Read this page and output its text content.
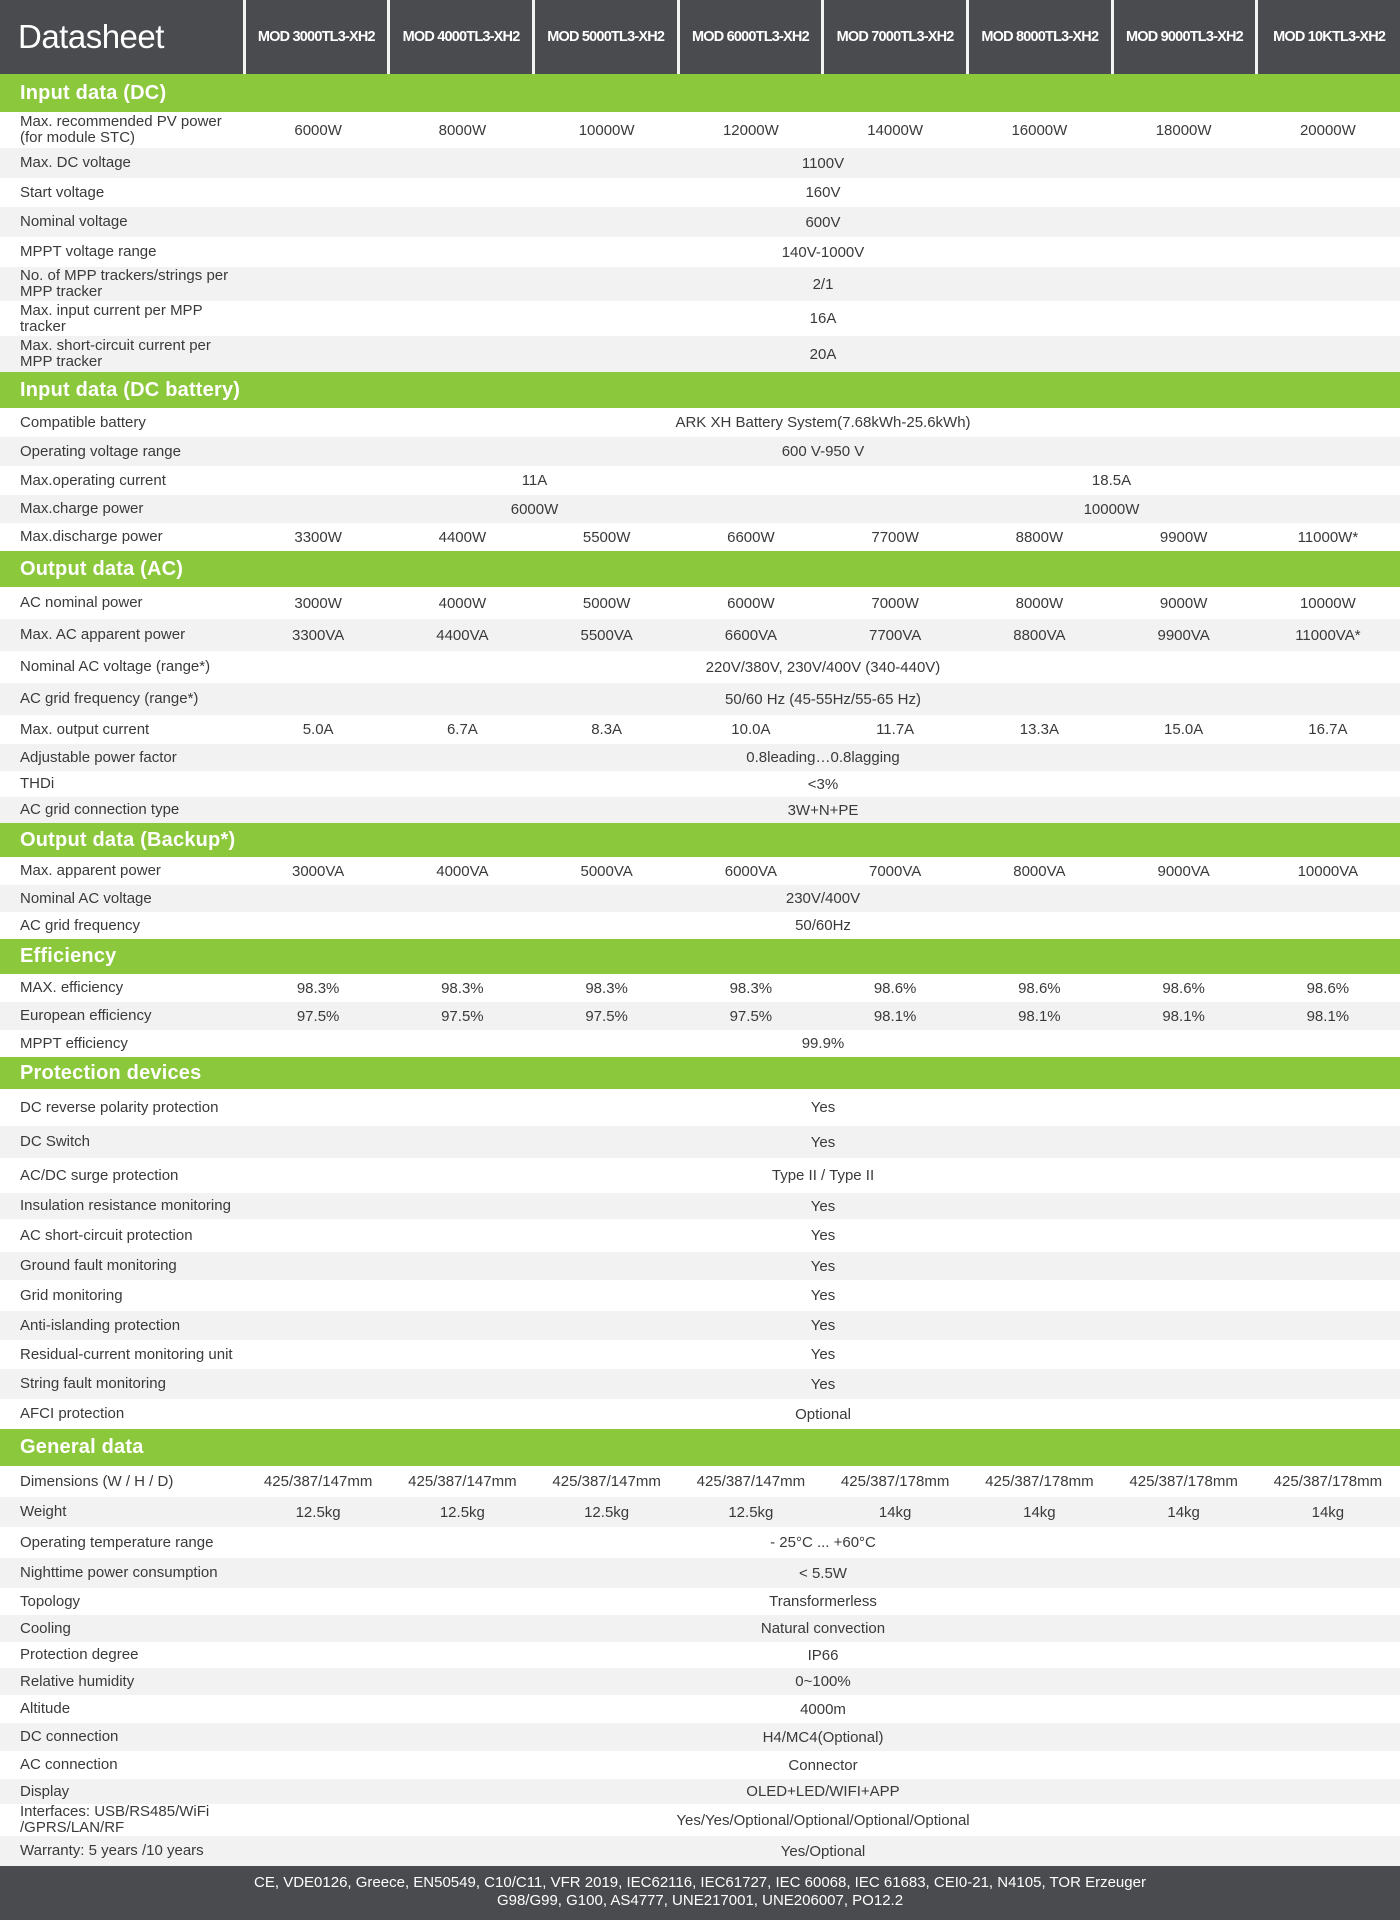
Datasheet	MOD 3000TL3-XH2	MOD 4000TL3-XH2	MOD 5000TL3-XH2	MOD 6000TL3-XH2	MOD 7000TL3-XH2	MOD 8000TL3-XH2	MOD 9000TL3-XH2	MOD 10KTL3-XH2
Input data (DC)
Max. recommended PV power (for module STC)	6000W	8000W	10000W	12000W	14000W	16000W	18000W	20000W
Max. DC voltage	1100V
Start voltage	160V
Nominal voltage	600V
MPPT voltage range	140V-1000V
No. of MPP trackers/strings per MPP tracker	2/1
Max. input current per MPP tracker	16A
Max. short-circuit current per MPP tracker	20A
Input data (DC battery)
Compatible battery	ARK XH Battery System(7.68kWh-25.6kWh)
Operating voltage range	600 V-950 V
Max.operating current	11A	18.5A
Max.charge power	6000W	10000W
Max.discharge power	3300W	4400W	5500W	6600W	7700W	8800W	9900W	11000W*
Output data (AC)
AC nominal power	3000W	4000W	5000W	6000W	7000W	8000W	9000W	10000W
Max. AC apparent power	3300VA	4400VA	5500VA	6600VA	7700VA	8800VA	9900VA	11000VA*
Nominal AC voltage (range*)	220V/380V, 230V/400V (340-440V)
AC grid frequency (range*)	50/60 Hz (45-55Hz/55-65 Hz)
Max. output current	5.0A	6.7A	8.3A	10.0A	11.7A	13.3A	15.0A	16.7A
Adjustable power factor	0.8leading…0.8lagging
THDi	<3%
AC grid connection type	3W+N+PE
Output data (Backup*)
Max. apparent power	3000VA	4000VA	5000VA	6000VA	7000VA	8000VA	9000VA	10000VA
Nominal AC voltage	230V/400V
AC grid frequency	50/60Hz
Efficiency
MAX. efficiency	98.3%	98.3%	98.3%	98.3%	98.6%	98.6%	98.6%	98.6%
European efficiency	97.5%	97.5%	97.5%	97.5%	98.1%	98.1%	98.1%	98.1%
MPPT efficiency	99.9%
Protection devices
DC reverse polarity protection	Yes
DC Switch	Yes
AC/DC surge protection	Type II / Type II
Insulation resistance monitoring	Yes
AC short-circuit protection	Yes
Ground fault monitoring	Yes
Grid monitoring	Yes
Anti-islanding protection	Yes
Residual-current monitoring unit	Yes
String fault monitoring	Yes
AFCI protection	Optional
General data
Dimensions (W / H / D)	425/387/147mm	425/387/147mm	425/387/147mm	425/387/147mm	425/387/178mm	425/387/178mm	425/387/178mm	425/387/178mm
Weight	12.5kg	12.5kg	12.5kg	12.5kg	14kg	14kg	14kg	14kg
Operating temperature range	- 25°C ... +60°C
Nighttime power consumption	< 5.5W
Topology	Transformerless
Cooling	Natural convection
Protection degree	IP66
Relative humidity	0~100%
Altitude	4000m
DC connection	H4/MC4(Optional)
AC connection	Connector
Display	OLED+LED/WIFI+APP
Interfaces: USB/RS485/WiFi /GPRS/LAN/RF	Yes/Yes/Optional/Optional/Optional/Optional
Warranty: 5 years /10 years	Yes/Optional
CE, VDE0126, Greece, EN50549, C10/C11, VFR 2019, IEC62116, IEC61727, IEC 60068, IEC 61683, CEI0-21, N4105, TOR Erzeuger
G98/G99, G100, AS4777, UNE217001, UNE206007, PO12.2
